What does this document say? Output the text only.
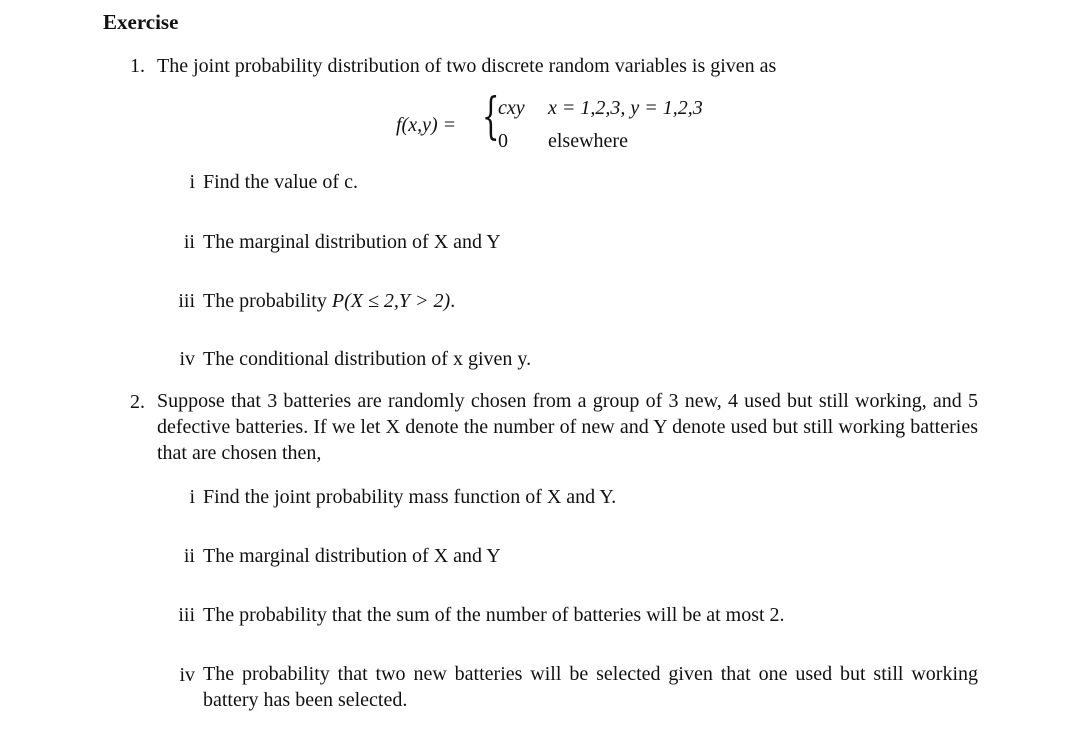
Exercise
1. The joint probability distribution of two discrete random variables is given as
f(x,y) = {
cxy x = 1,2,3, y = 1,2,3
0 elsewhere
i Find the value of c.
ii The marginal distribution of X and Y
iii The probability P(X ≤ 2,Y > 2).
iv The conditional distribution of x given y.
2. Suppose that 3 batteries are randomly chosen from a group of 3 new, 4 used but still working, and 5 defective batteries. If we let X denote the number of new and Y denote used but still working batteries that are chosen then,
i Find the joint probability mass function of X and Y.
ii The marginal distribution of X and Y
iii The probability that the sum of the number of batteries will be at most 2.
iv The probability that two new batteries will be selected given that one used but still working battery has been selected.
